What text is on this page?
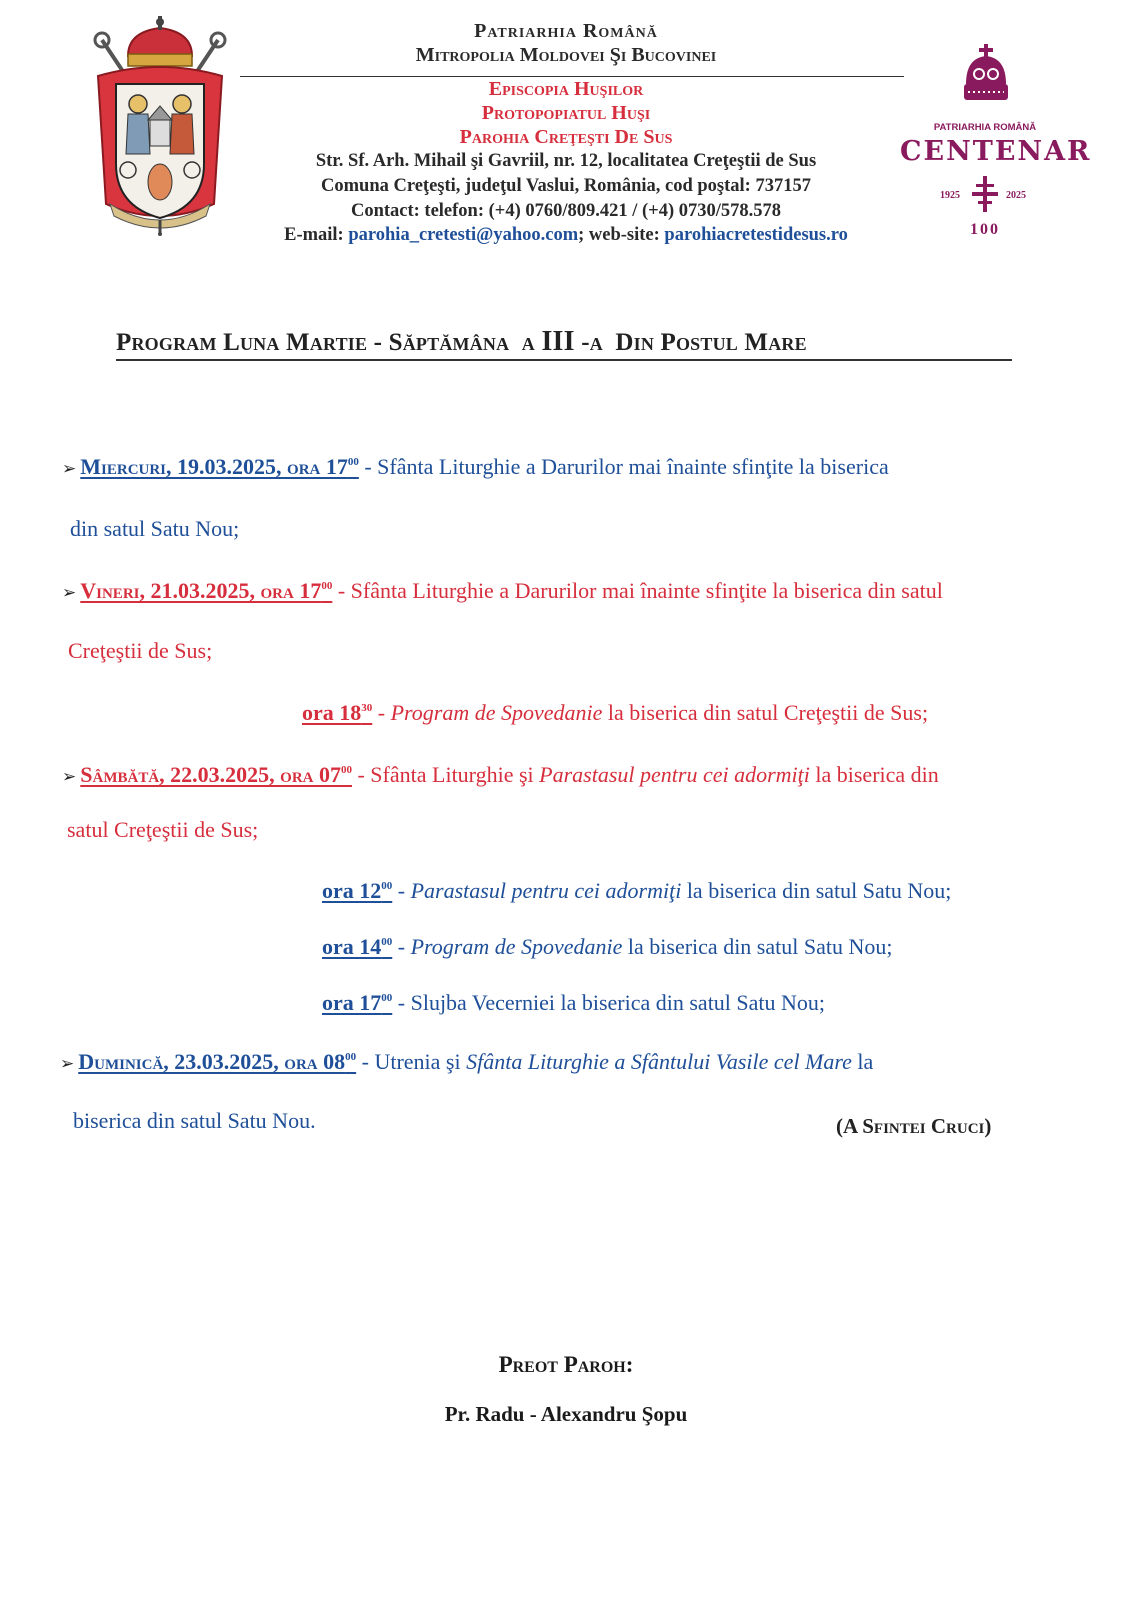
Patriarhia Română
Mitropolia Moldovei Şi Bucovinei
Episcopia Huşilor
Protopopiatul Huşi
Parohia Creţeşti De Sus
Str. Sf. Arh. Mihail şi Gavriil, nr. 12, localitatea Creţeştii de Sus
Comuna Creţeşti, judeţul Vaslui, România, cod poştal: 737157
Contact: telefon: (+4) 0760/809.421 / (+4) 0730/578.578
E-mail: parohia_cretesti@yahoo.com; web-site: parohiacretestidesus.ro
PATRIARHIA ROMÂNĂ
CENTENAR
1925	2025
100
Program Luna Martie - Săptămâna a III -a Din Postul Mare
➢ Miercuri, 19.03.2025, ora $17^{00}$ - Sfânta Liturghie a Darurilor mai înainte sfinţite la biserica
din satul Satu Nou;
➢ Vineri, 21.03.2025, ora $17^{00}$ - Sfânta Liturghie a Darurilor mai înainte sfinţite la biserica din satul
Creţeştii de Sus;
ora $18^{30}$ - Program de Spovedanie la biserica din satul Creţeştii de Sus;
➢ Sâmbătă, 22.03.2025, ora $07^{00}$ - Sfânta Liturghie şi Parastasul pentru cei adormiţi la biserica din
satul Creţeştii de Sus;
ora $12^{00}$ - Parastasul pentru cei adormiţi la biserica din satul Satu Nou;
ora $14^{00}$ - Program de Spovedanie la biserica din satul Satu Nou;
ora $17^{00}$ - Slujba Vecerniei la biserica din satul Satu Nou;
➢ Duminică, 23.03.2025, ora $08^{00}$ - Utrenia şi Sfânta Liturghie a Sfântului Vasile cel Mare la
biserica din satul Satu Nou.	(A Sfintei Cruci)
Preot Paroh:
Pr. Radu - Alexandru Şopu
